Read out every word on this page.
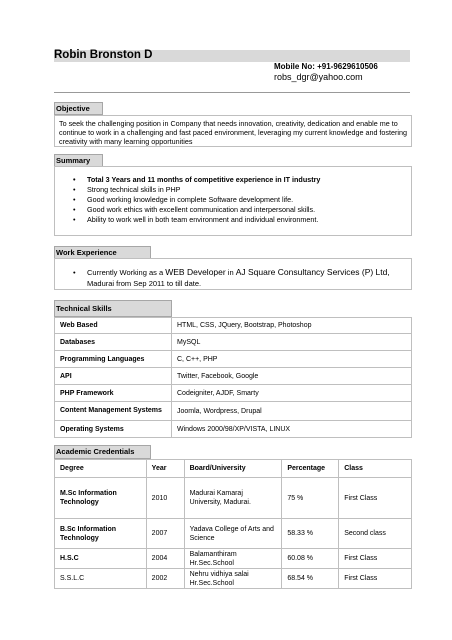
Robin Bronston D
Mobile No: +91-9629610506
robs_dgr@yahoo.com
Objective
To seek the challenging position in Company that needs innovation, creativity, dedication and enable me to continue to work in a challenging and fast paced environment, leveraging my current knowledge and fostering creativity with many learning opportunities
Summary
• Total 3 Years and 11 months of competitive experience in IT industry
• Strong technical skills in PHP
• Good working knowledge in complete Software development life.
• Good work ethics with excellent communication and interpersonal skills.
• Ability to work well in both team environment and individual environment.
Work Experience
• Currently Working as a WEB Developer in AJ Square Consultancy Services (P) Ltd,
Madurai from Sep 2011 to till date.
Technical Skills
Web Based	HTML, CSS, JQuery, Bootstrap, Photoshop
Databases	MySQL
Programming Languages	C, C++, PHP
API	Twitter, Facebook, Google
PHP Framework	Codeigniter, AJDF, Smarty
Content Management Systems	Joomla, Wordpress, Drupal
Operating Systems	Windows 2000/98/XP/VISTA, LINUX
Academic Credentials
Degree	Year	Board/University	Percentage	Class
M.Sc Information Technology	2010	Madurai Kamaraj University, Madurai.	75 %	First Class
B.Sc Information Technology	2007	Yadava College of Arts and Science	58.33 %	Second class
H.S.C	2004	Balamanthiram Hr.Sec.School	60.08 %	First Class
S.S.L.C	2002	Nehru vidhiya salai Hr.Sec.School	68.54 %	First Class
